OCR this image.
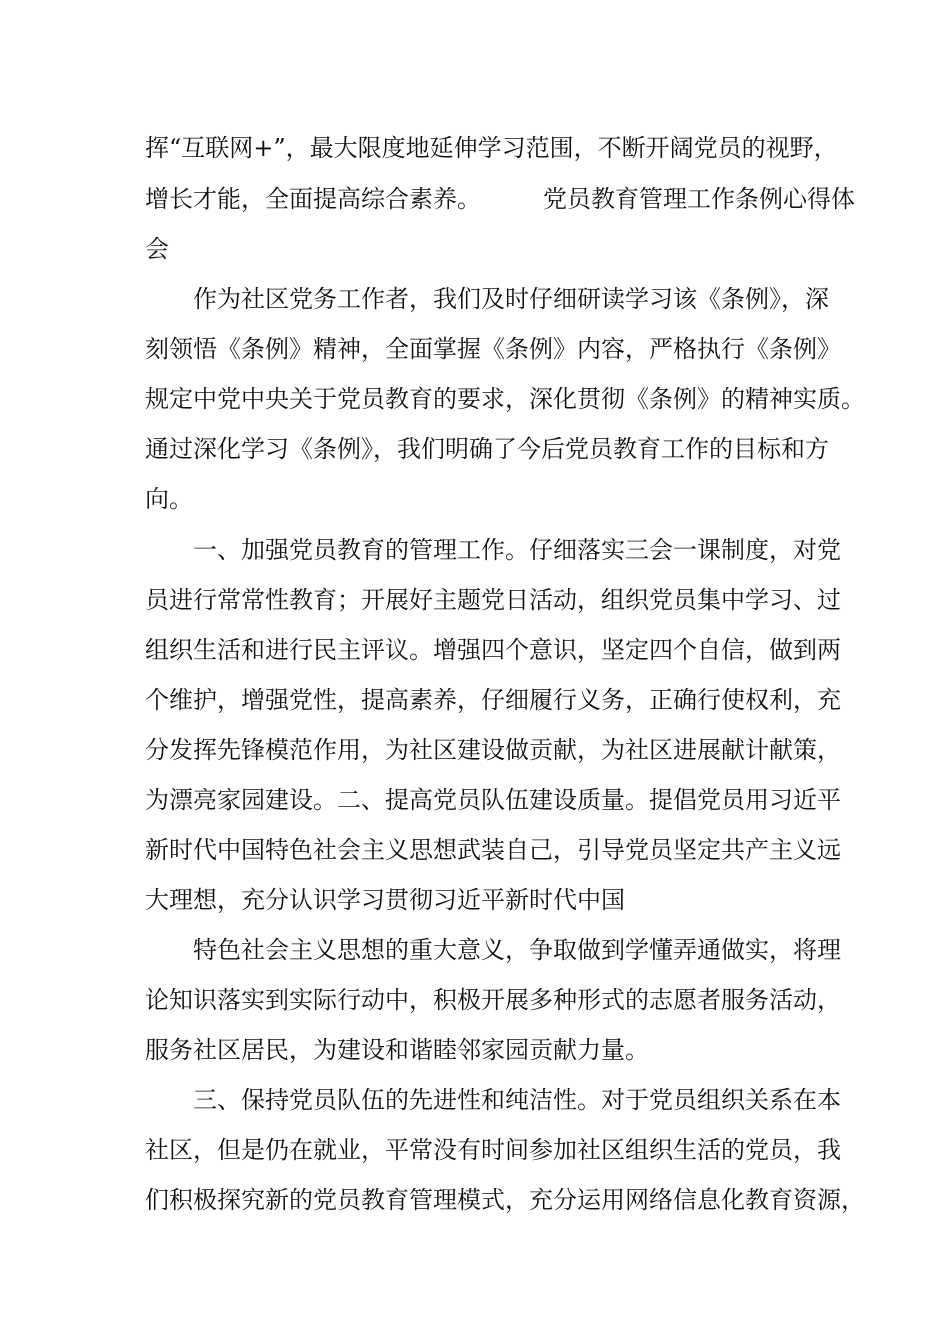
挥“互联网+”，最大限度地延伸学习范围，不断开阔党员的视野，
增长才能，全面提高综合素养。	党员教育管理工作条例心得体
会
作为社区党务工作者，我们及时仔细研读学习该《条例》，深
刻领悟《条例》精神，全面掌握《条例》内容，严格执行《条例》
规定中党中央关于党员教育的要求，深化贯彻《条例》的精神实质。
通过深化学习《条例》，我们明确了今后党员教育工作的目标和方
向。
一、加强党员教育的管理工作。仔细落实三会一课制度，对党
员进行常常性教育；开展好主题党日活动，组织党员集中学习、过
组织生活和进行民主评议。增强四个意识，坚定四个自信，做到两
个维护，增强党性，提高素养，仔细履行义务，正确行使权利，充
分发挥先锋模范作用，为社区建设做贡献，为社区进展献计献策，
为漂亮家园建设。二、提高党员队伍建设质量。提倡党员用习近平
新时代中国特色社会主义思想武装自己，引导党员坚定共产主义远
大理想，充分认识学习贯彻习近平新时代中国
特色社会主义思想的重大意义，争取做到学懂弄通做实，将理
论知识落实到实际行动中，积极开展多种形式的志愿者服务活动，
服务社区居民，为建设和谐睦邻家园贡献力量。
三、保持党员队伍的先进性和纯洁性。对于党员组织关系在本
社区，但是仍在就业，平常没有时间参加社区组织生活的党员，我
们积极探究新的党员教育管理模式，充分运用网络信息化教育资源，
